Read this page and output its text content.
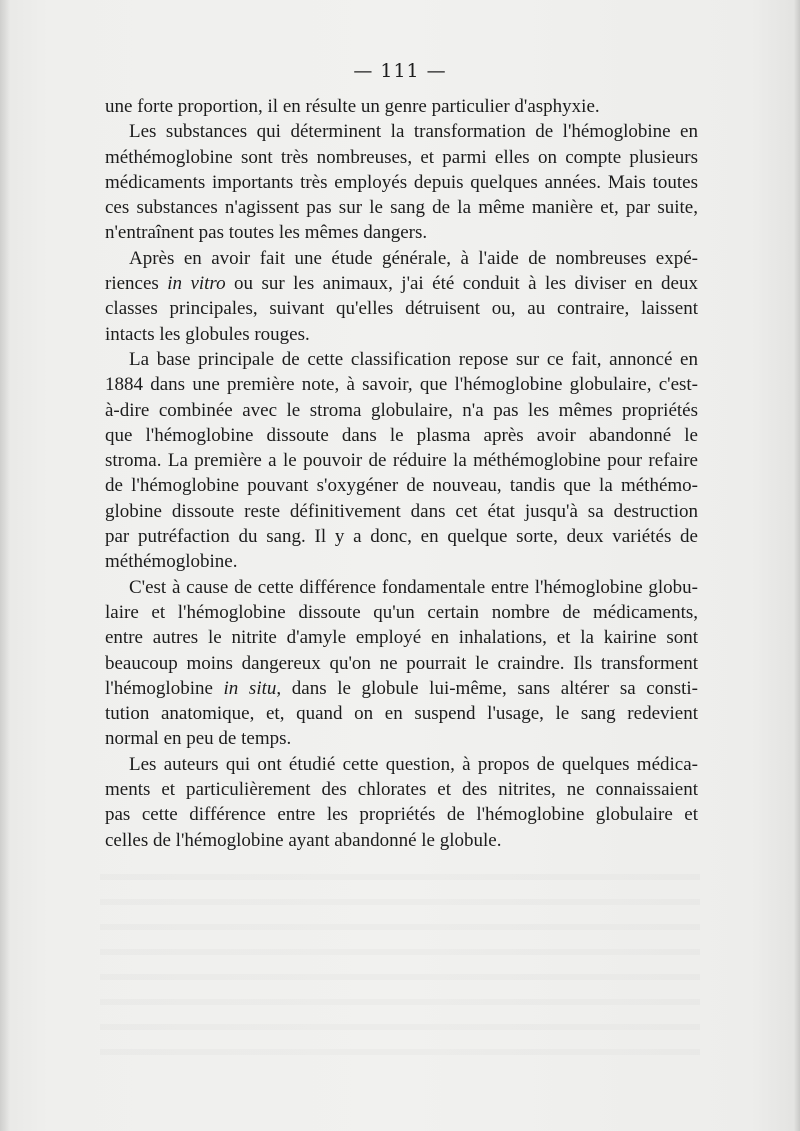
— 111 —

une forte proportion, il en résulte un genre particulier d'asphyxie.

Les substances qui déterminent la transformation de l'hémoglobine en

méthémoglobine sont très nombreuses, et parmi elles on compte plusieurs
médicaments importants très employés depuis quelques années. Mais toutes
ces substances n'agissent pas sur le sang de la même manière et, par suite,
n'entraînent pas toutes les mêmes dangers.

Après en avoir fait une étude générale, à l'aide de nombreuses expé-

riences in vitro ou sur les animaux, j'ai été conduit à les diviser en deux
classes principales, suivant qu'elles détruisent ou, au contraire, laissent
intacts les globules rouges.

La base principale de cette classification repose sur ce fait, annoncé en

1884 dans une première note, à savoir, que l'hémoglobine globulaire, c'est-
à-dire combinée avec le stroma globulaire, n'a pas les mêmes propriétés
que l'hémoglobine dissoute dans le plasma après avoir abandonné le
stroma. La première a le pouvoir de réduire la méthémoglobine pour refaire
de l'hémoglobine pouvant s'oxygéner de nouveau, tandis que la méthémo-
globine dissoute reste définitivement dans cet état jusqu'à sa destruction
par putréfaction du sang. Il y a donc, en quelque sorte, deux variétés de
méthémoglobine.

C'est à cause de cette différence fondamentale entre l'hémoglobine globu-

laire et l'hémoglobine dissoute qu'un certain nombre de médicaments,
entre autres le nitrite d'amyle employé en inhalations, et la kairine sont
beaucoup moins dangereux qu'on ne pourrait le craindre. Ils transforment
l'hémoglobine in situ, dans le globule lui-même, sans altérer sa consti-
tution anatomique, et, quand on en suspend l'usage, le sang redevient
normal en peu de temps.

Les auteurs qui ont étudié cette question, à propos de quelques médica-

ments et particulièrement des chlorates et des nitrites, ne connaissaient
pas cette différence entre les propriétés de l'hémoglobine globulaire et
celles de l'hémoglobine ayant abandonné le globule.
